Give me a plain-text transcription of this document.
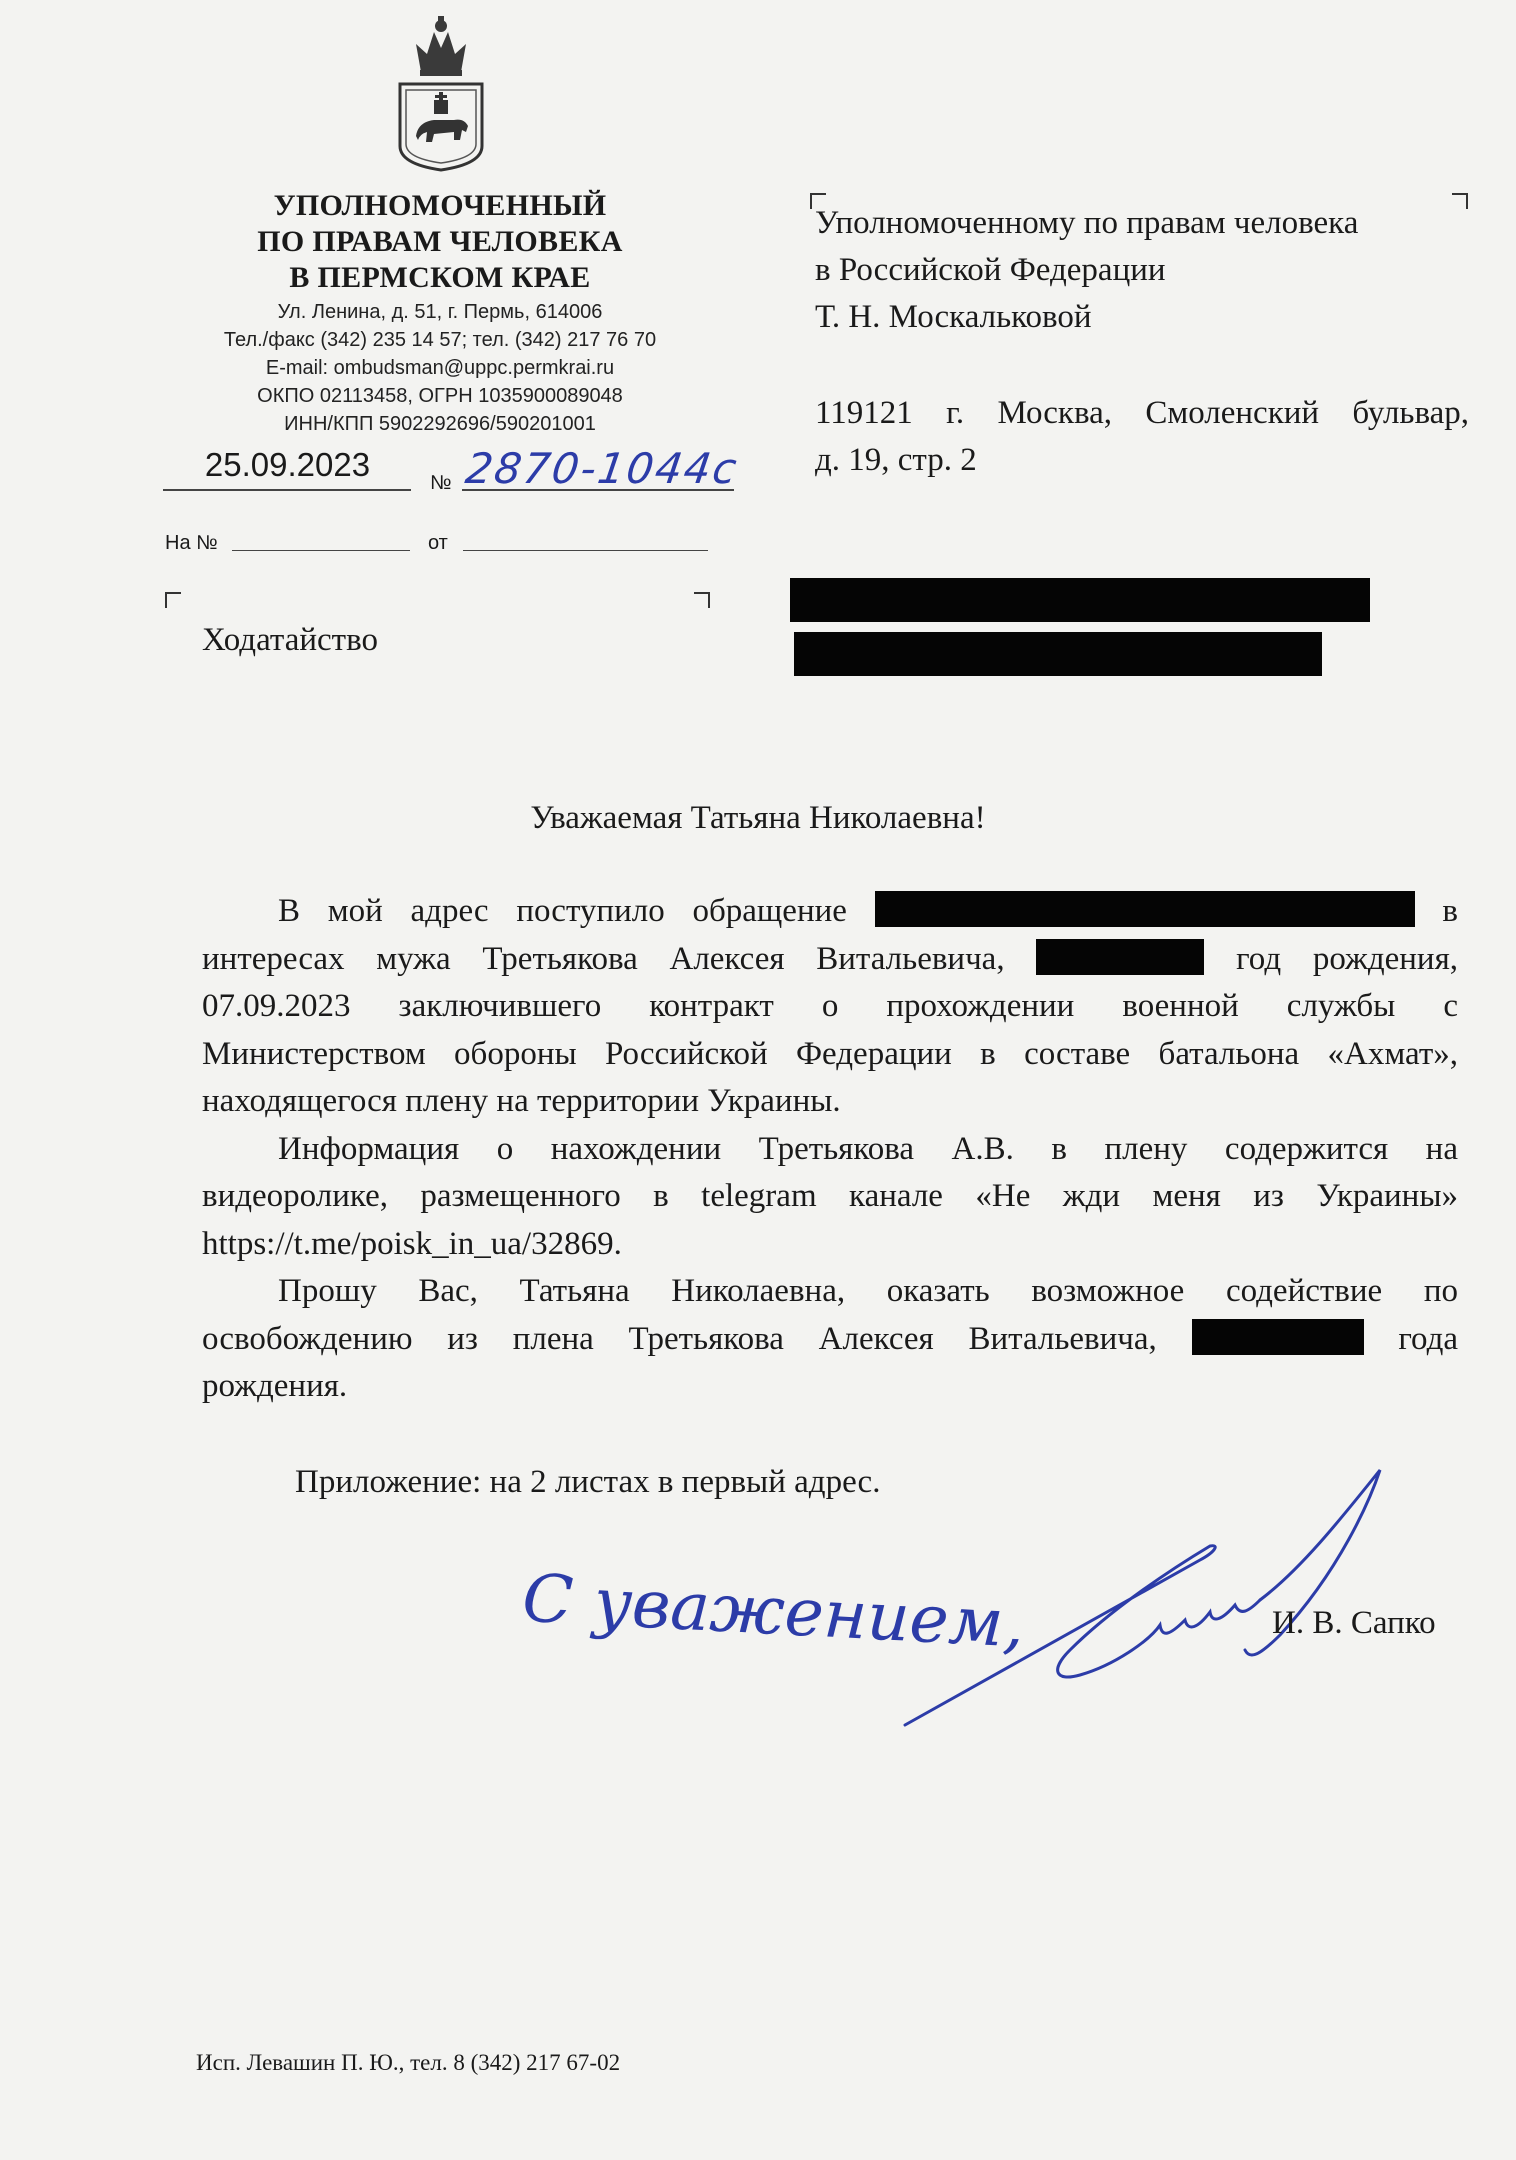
УПОЛНОМОЧЕННЫЙ
ПО ПРАВАМ ЧЕЛОВЕКА
В ПЕРМСКОМ КРАЕ
Ул. Ленина, д. 51, г. Пермь, 614006
Тел./факс (342) 235 14 57; тел. (342) 217 76 70
E-mail: ombudsman@uppc.permkrai.ru
ОКПО 02113458, ОГРН 1035900089048
ИНН/КПП 5902292696/590201001
25.09.2023	№ 2870-1044с
На №	от
Уполномоченному по правам человека
в Российской Федерации
Т. Н. Москальковой
119121 г. Москва, Смоленский бульвар,
д. 19, стр. 2
Ходатайство
Уважаемая Татьяна Николаевна!
В мой адрес поступило обращение	в
интересах мужа Третьякова Алексея Витальевича,	год рождения,
07.09.2023 заключившего контракт о прохождении военной службы с
Министерством обороны Российской Федерации в составе батальона «Ахмат»,
находящегося плену на территории Украины.
Информация о нахождении Третьякова А.В. в плену содержится на
видеоролике, размещенного в telegram канале «Не жди меня из Украины»
https://t.me/poisk_in_ua/32869.
Прошу Вас, Татьяна Николаевна, оказать возможное содействие по
освобождению из плена Третьякова Алексея Витальевича,	года
рождения.
Приложение: на 2 листах в первый адрес.
С уважением,	И. В. Сапко
Исп. Левашин П. Ю., тел. 8 (342) 217 67-02
